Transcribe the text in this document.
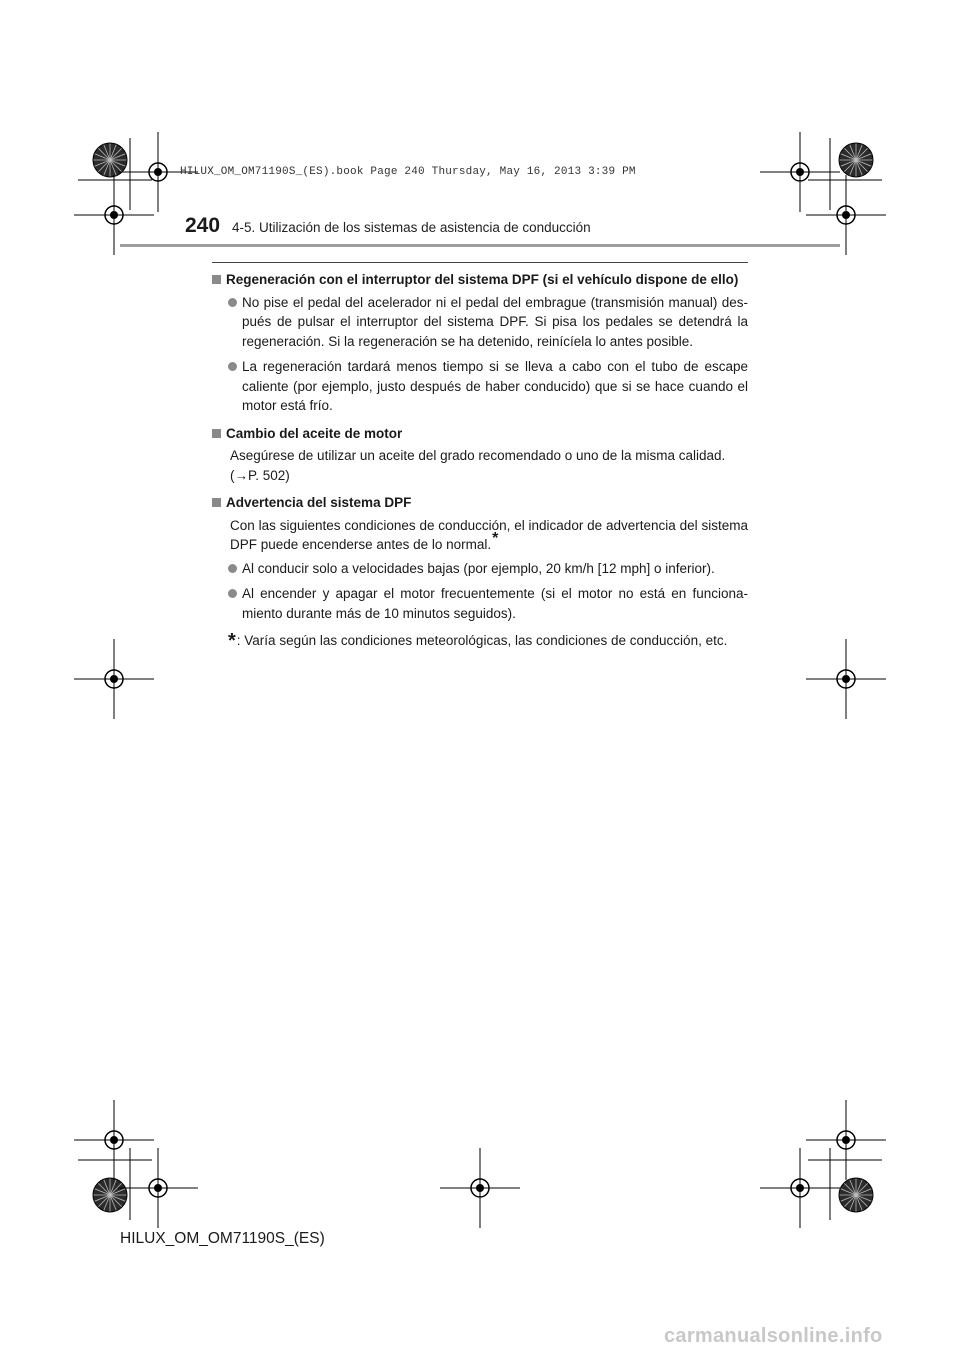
HILUX_OM_OM71190S_(ES).book Page 240 Thursday, May 16, 2013 3:39 PM
240 4-5. Utilización de los sistemas de asistencia de conducción
Regeneración con el interruptor del sistema DPF (si el vehículo dispone de ello)
No pise el pedal del acelerador ni el pedal del embrague (transmisión manual) después de pulsar el interruptor del sistema DPF. Si pisa los pedales se detendrá la regeneración. Si la regeneración se ha detenido, reinícíela lo antes posible.
La regeneración tardará menos tiempo si se lleva a cabo con el tubo de escape caliente (por ejemplo, justo después de haber conducido) que si se hace cuando el motor está frío.
Cambio del aceite de motor
Asegúrese de utilizar un aceite del grado recomendado o uno de la misma calidad.
(→P. 502)
Advertencia del sistema DPF
Con las siguientes condiciones de conducción, el indicador de advertencia del sistema DPF puede encenderse antes de lo normal.*
Al conducir solo a velocidades bajas (por ejemplo, 20 km/h [12 mph] o inferior).
Al encender y apagar el motor frecuentemente (si el motor no está en funcionamiento durante más de 10 minutos seguidos).
*: Varía según las condiciones meteorológicas, las condiciones de conducción, etc.
HILUX_OM_OM71190S_(ES)
carmanualsonline.info
